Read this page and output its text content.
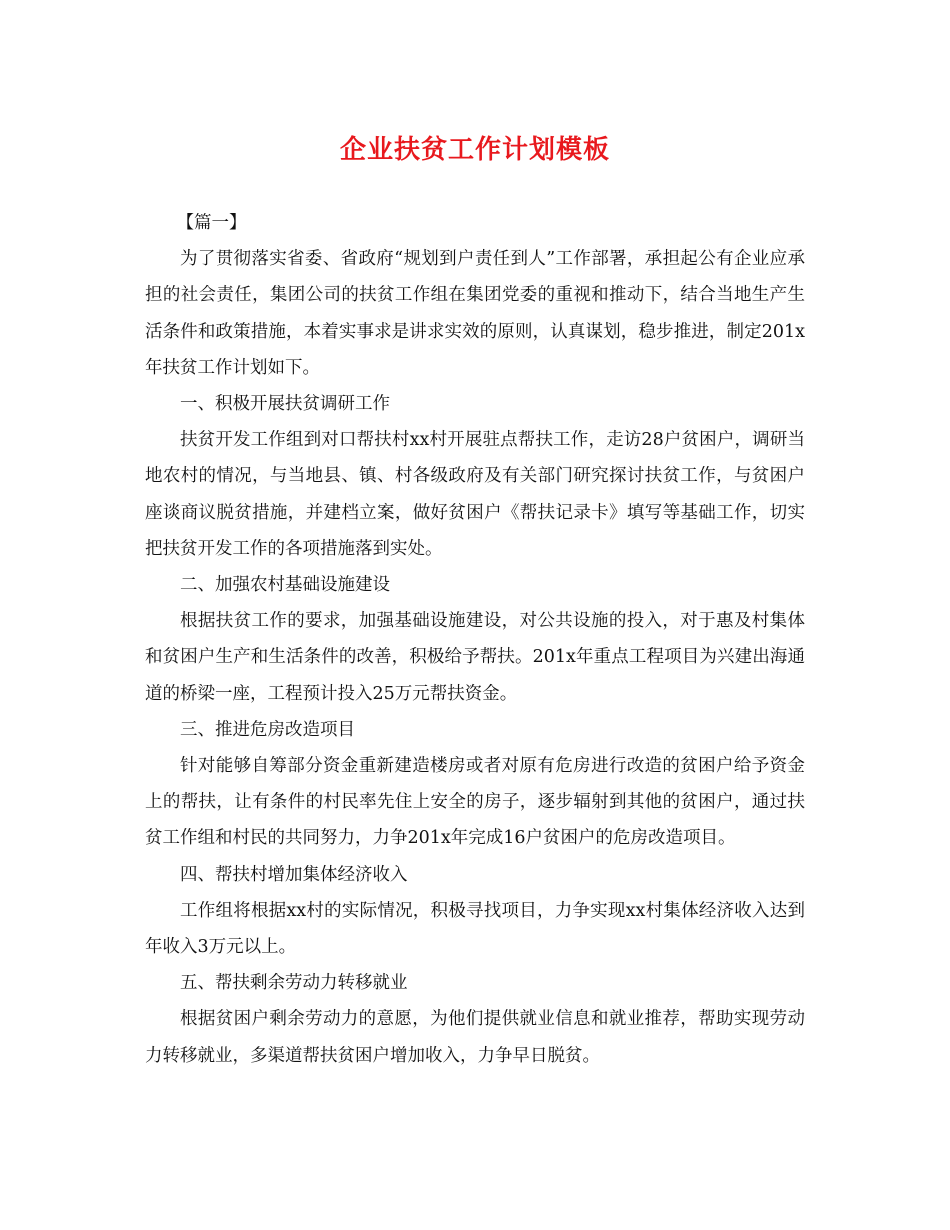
企业扶贫工作计划模板

【篇一】

为了贯彻落实省委、省政府“规划到户责任到人”工作部署，承担起公有企业应承担的社会责任，集团公司的扶贫工作组在集团党委的重视和推动下，结合当地生产生活条件和政策措施，本着实事求是讲求实效的原则，认真谋划，稳步推进，制定201x年扶贫工作计划如下。

一、积极开展扶贫调研工作

扶贫开发工作组到对口帮扶村xx村开展驻点帮扶工作，走访28户贫困户，调研当地农村的情况，与当地县、镇、村各级政府及有关部门研究探讨扶贫工作，与贫困户座谈商议脱贫措施，并建档立案，做好贫困户《帮扶记录卡》填写等基础工作，切实把扶贫开发工作的各项措施落到实处。

二、加强农村基础设施建设

根据扶贫工作的要求，加强基础设施建设，对公共设施的投入，对于惠及村集体和贫困户生产和生活条件的改善，积极给予帮扶。201x年重点工程项目为兴建出海通道的桥梁一座，工程预计投入25万元帮扶资金。

三、推进危房改造项目

针对能够自筹部分资金重新建造楼房或者对原有危房进行改造的贫困户给予资金上的帮扶，让有条件的村民率先住上安全的房子，逐步辐射到其他的贫困户，通过扶贫工作组和村民的共同努力，力争201x年完成16户贫困户的危房改造项目。

四、帮扶村增加集体经济收入

工作组将根据xx村的实际情况，积极寻找项目，力争实现xx村集体经济收入达到年收入3万元以上。

五、帮扶剩余劳动力转移就业

根据贫困户剩余劳动力的意愿，为他们提供就业信息和就业推荐，帮助实现劳动力转移就业，多渠道帮扶贫困户增加收入，力争早日脱贫。
